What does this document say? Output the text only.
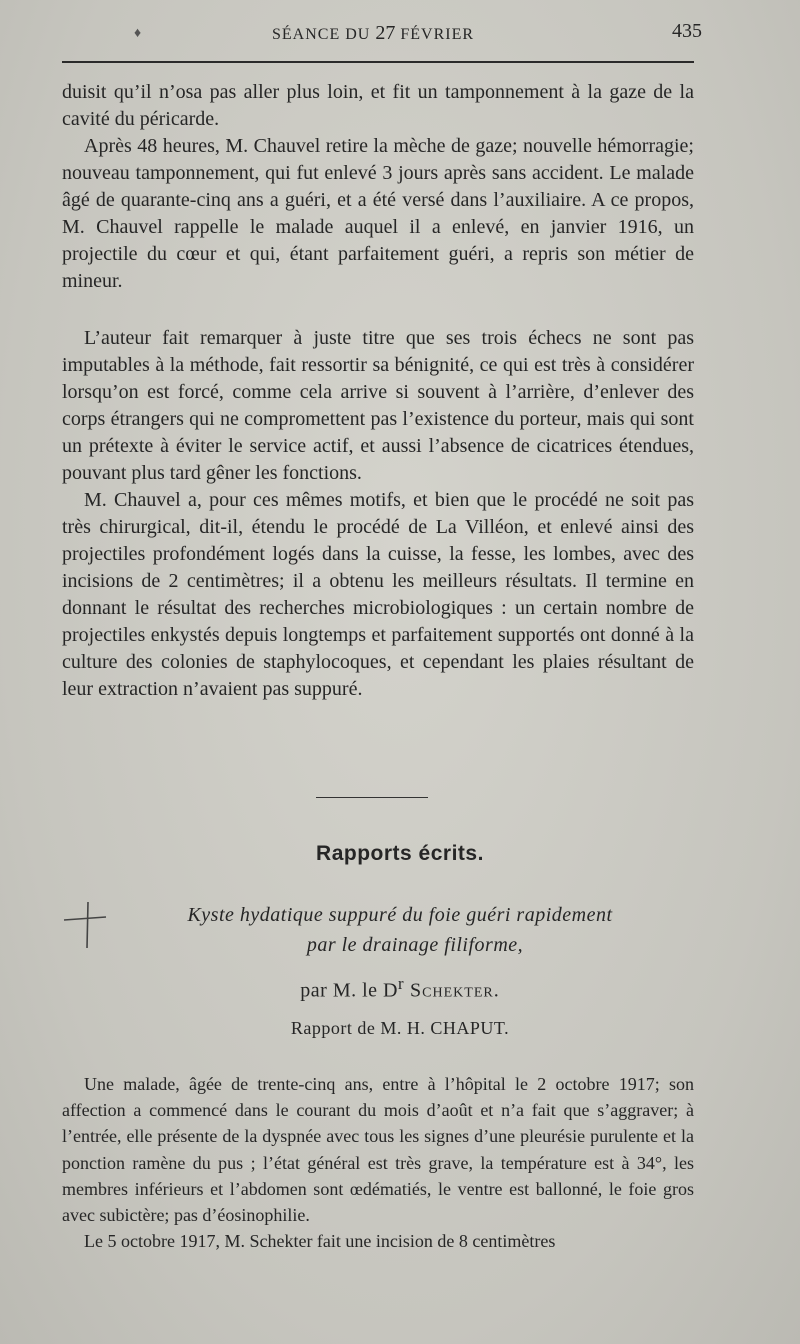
♦	SÉANCE DU 27 FÉVRIER	435

duisit qu’il n’osa pas aller plus loin, et fit un tamponnement à la gaze de la cavité du péricarde.

Après 48 heures, M. Chauvel retire la mèche de gaze; nouvelle hémorragie; nouveau tamponnement, qui fut enlevé 3 jours après sans accident. Le malade âgé de quarante-cinq ans a guéri, et a été versé dans l’auxiliaire. A ce propos, M. Chauvel rappelle le malade auquel il a enlevé, en janvier 1916, un projectile du cœur et qui, étant parfaitement guéri, a repris son métier de mineur.

L’auteur fait remarquer à juste titre que ses trois échecs ne sont pas imputables à la méthode, fait ressortir sa bénignité, ce qui est très à considérer lorsqu’on est forcé, comme cela arrive si souvent à l’arrière, d’enlever des corps étrangers qui ne compromettent pas l’existence du porteur, mais qui sont un prétexte à éviter le service actif, et aussi l’absence de cicatrices étendues, pouvant plus tard gêner les fonctions.

M. Chauvel a, pour ces mêmes motifs, et bien que le procédé ne soit pas très chirurgical, dit-il, étendu le procédé de La Villéon, et enlevé ainsi des projectiles profondément logés dans la cuisse, la fesse, les lombes, avec des incisions de 2 centimètres; il a obtenu les meilleurs résultats. Il termine en donnant le résultat des recherches microbiologiques : un certain nombre de projectiles enkystés depuis longtemps et parfaitement supportés ont donné à la culture des colonies de staphylocoques, et cependant les plaies résultant de leur extraction n’avaient pas suppuré.

Rapports écrits.
Kyste hydatique suppuré du foie guéri rapidement
par le drainage filiforme,
par M. le $D^r$ Schekter.
Rapport de M. H. CHAPUT.

Une malade, âgée de trente-cinq ans, entre à l’hôpital le 2 octobre 1917; son affection a commencé dans le courant du mois d’août et n’a fait que s’aggraver; à l’entrée, elle présente de la dyspnée avec tous les signes d’une pleurésie purulente et la ponction ramène du pus ; l’état général est très grave, la température est à 34°, les membres inférieurs et l’abdomen sont œdématiés, le ventre est ballonné, le foie gros avec subictère; pas d’éosinophilie.

Le 5 octobre 1917, M. Schekter fait une incision de 8 centimètres
